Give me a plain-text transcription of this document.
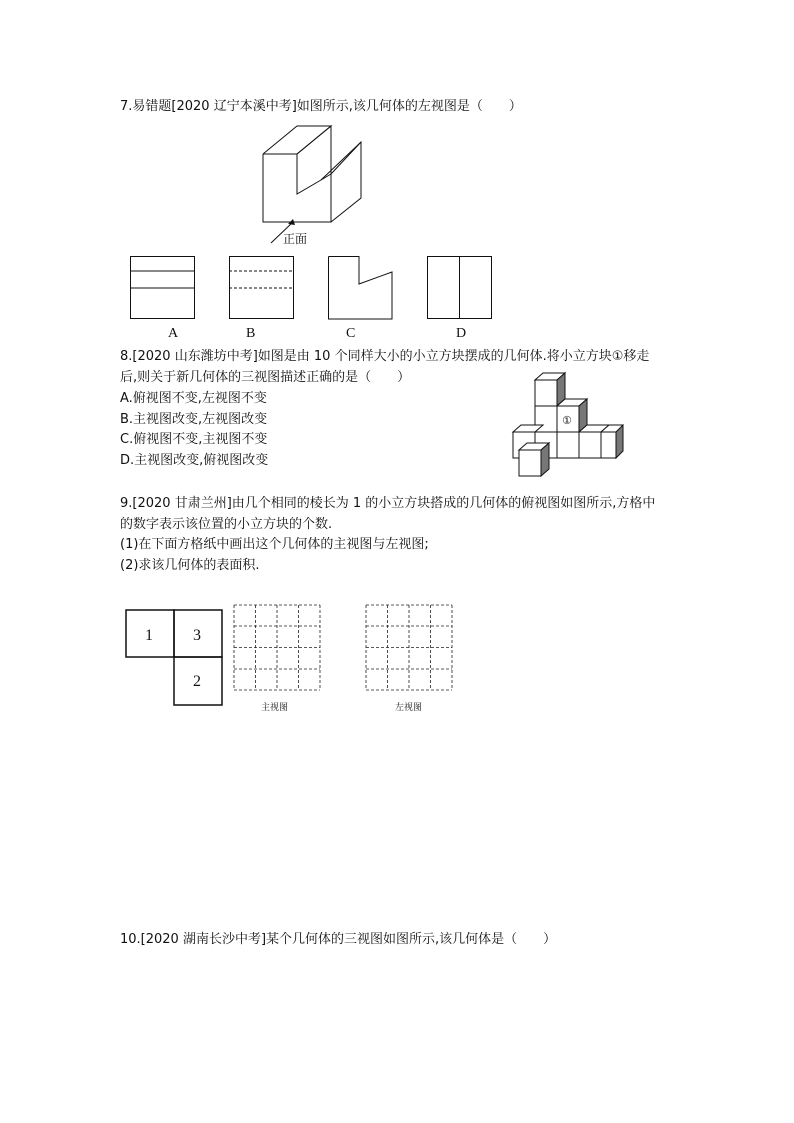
7.易错题[2020 辽宁本溪中考]如图所示,该几何体的左视图是（　　）
正面
A	B	C	D
8.[2020 山东潍坊中考]如图是由 10 个同样大小的小立方块摆成的几何体.将小立方块①移走
后,则关于新几何体的三视图描述正确的是（　　）
A.俯视图不变,左视图不变
B.主视图改变,左视图改变
C.俯视图不变,主视图不变
D.主视图改变,俯视图改变
①
9.[2020 甘肃兰州]由几个相同的棱长为 1 的小立方块搭成的几何体的俯视图如图所示,方格中
的数字表示该位置的小立方块的个数.
(1)在下面方格纸中画出这个几何体的主视图与左视图;
(2)求该几何体的表面积.
1	3
2
主视图	左视图
10.[2020 湖南长沙中考]某个几何体的三视图如图所示,该几何体是（　　）
